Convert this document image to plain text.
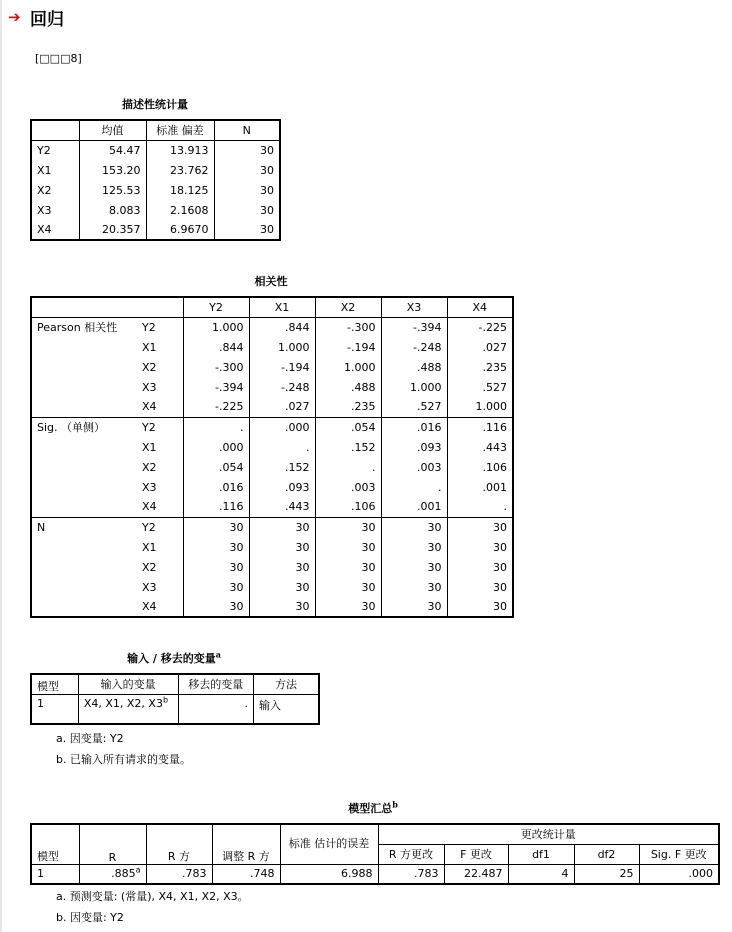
➔ 回归
[□□□8]
描述性统计量
	均值	标准 偏差	N
Y2	54.47	13.913	30
X1	153.20	23.762	30
X2	125.53	18.125	30
X3	8.083	2.1608	30
X4	20.357	6.9670	30
相关性
		Y2	X1	X2	X3	X4
Pearson 相关性	Y2	1.000	.844	-.300	-.394	-.225
	X1	.844	1.000	-.194	-.248	.027
	X2	-.300	-.194	1.000	.488	.235
	X3	-.394	-.248	.488	1.000	.527
	X4	-.225	.027	.235	.527	1.000
Sig. （单侧）	Y2	.	.000	.054	.016	.116
	X1	.000	.	.152	.093	.443
	X2	.054	.152	.	.003	.106
	X3	.016	.093	.003	.	.001
	X4	.116	.443	.106	.001	.
N	Y2	30	30	30	30	30
	X1	30	30	30	30	30
	X2	30	30	30	30	30
	X3	30	30	30	30	30
	X4	30	30	30	30	30
输入 / 移去的变量$^a$
模型	输入的变量	移去的变量	方法
1	X4, X1, X2, X3$^b$	.	输入
a. 因变量: Y2
b. 已输入所有请求的变量。
模型汇总$^b$
模型	R	R 方	调整 R 方	标准 估计的误差	更改统计量				
					R 方更改	F 更改	df1	df2	Sig. F 更改
1	.885$^a$	.783	.748	6.988	.783	22.487	4	25	.000
a. 预测变量: (常量), X4, X1, X2, X3。
b. 因变量: Y2
